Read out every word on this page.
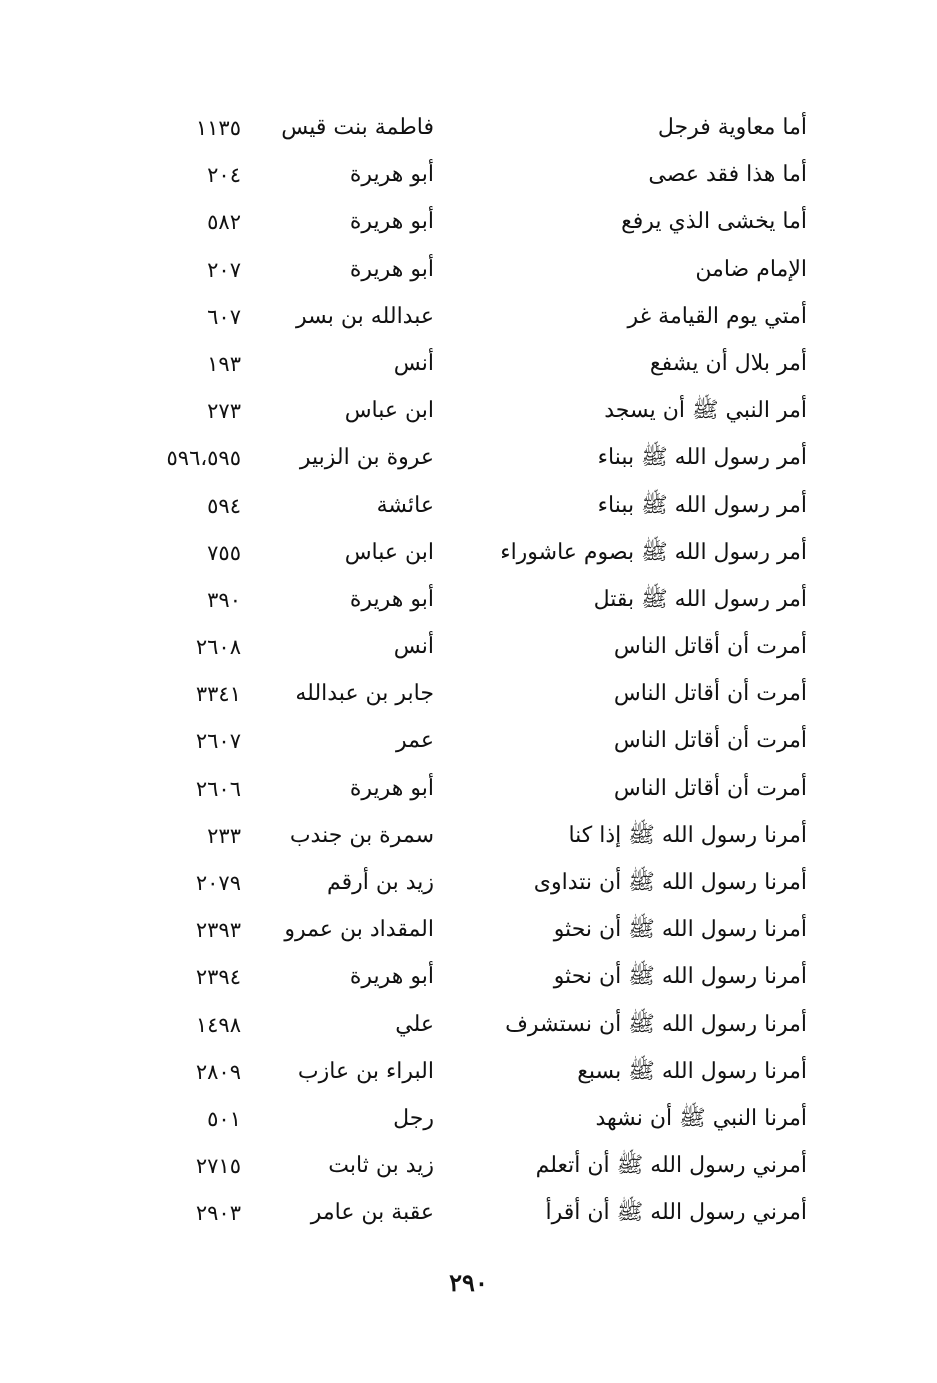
أما معاوية فرجل
فاطمة بنت قيس
١١٣٥
أما هذا فقد عصى
أبو هريرة
٢٠٤
أما يخشى الذي يرفع
أبو هريرة
٥٨٢
الإمام ضامن
أبو هريرة
٢٠٧
أمتي يوم القيامة غر
عبدالله بن بسر
٦٠٧
أمر بلال أن يشفع
أنس
١٩٣
أمر النبي ﷺ أن يسجد
ابن عباس
٢٧٣
أمر رسول الله ﷺ ببناء
عروة بن الزبير
٥٩٦،٥٩٥
أمر رسول الله ﷺ ببناء
عائشة
٥٩٤
أمر رسول الله ﷺ بصوم عاشوراء
ابن عباس
٧٥٥
أمر رسول الله ﷺ بقتل
أبو هريرة
٣٩٠
أمرت أن أقاتل الناس
أنس
٢٦٠٨
أمرت أن أقاتل الناس
جابر بن عبدالله
٣٣٤١
أمرت أن أقاتل الناس
عمر
٢٦٠٧
أمرت أن أقاتل الناس
أبو هريرة
٢٦٠٦
أمرنا رسول الله ﷺ إذا كنا
سمرة بن جندب
٢٣٣
أمرنا رسول الله ﷺ أن نتداوى
زيد بن أرقم
٢٠٧٩
أمرنا رسول الله ﷺ أن نحثو
المقداد بن عمرو
٢٣٩٣
أمرنا رسول الله ﷺ أن نحثو
أبو هريرة
٢٣٩٤
أمرنا رسول الله ﷺ أن نستشرف
علي
١٤٩٨
أمرنا رسول الله ﷺ بسبع
البراء بن عازب
٢٨٠٩
أمرنا النبي ﷺ أن نشهد
رجل
٥٠١
أمرني رسول الله ﷺ أن أتعلم
زيد بن ثابت
٢٧١٥
أمرني رسول الله ﷺ أن أقرأ
عقبة بن عامر
٢٩٠٣
٢٩٠
